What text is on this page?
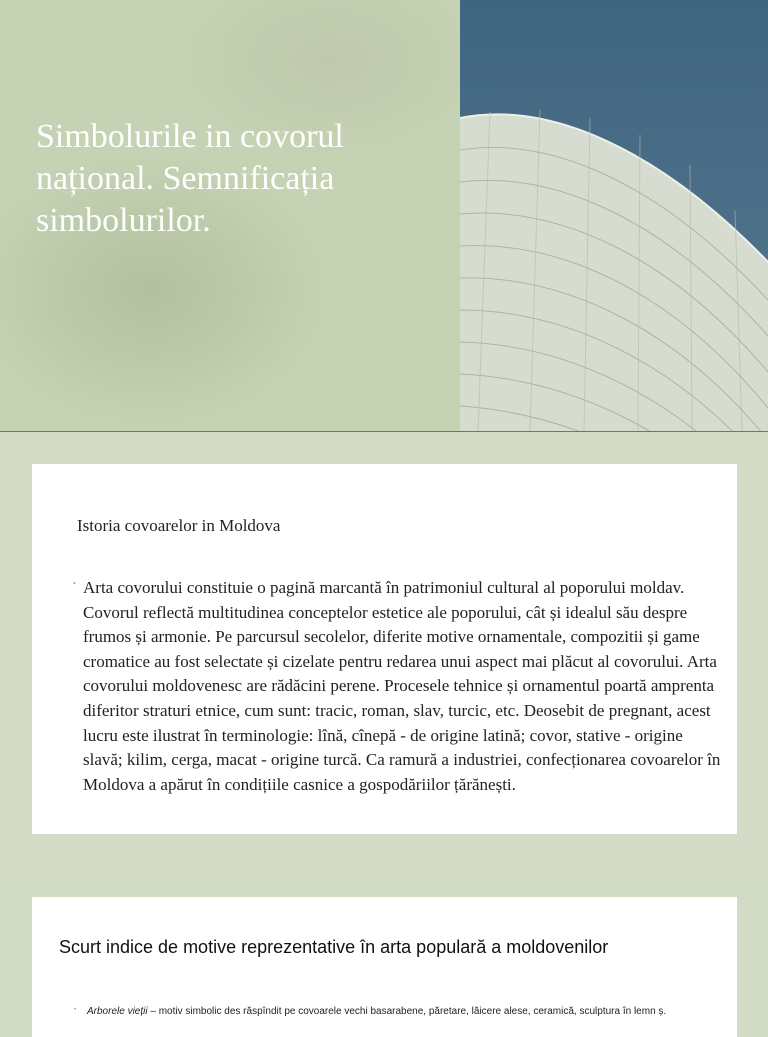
Simbolurile in covorul național. Semnificația simbolurilor.
Istoria covoarelor in Moldova
• Arta covorului constituie o pagină marcantă în patrimoniul cultural al poporului moldav. Covorul reflectă multitudinea conceptelor estetice ale poporului, cât și idealul său despre frumos și armonie. Pe parcursul secolelor, diferite motive ornamentale, compozitii și game cromatice au fost selectate și cizelate pentru redarea unui aspect mai plăcut al covorului. Arta covorului moldovenesc are rădăcini perene. Procesele tehnice și ornamentul poartă amprenta diferitor straturi etnice, cum sunt: tracic, roman, slav, turcic, etc. Deosebit de pregnant, acest lucru este ilustrat în terminologie: lînă, cînepă - de origine latină; covor, stative - origine slavă; kilim, cerga, macat - origine turcă. Ca ramură a industriei, confecționarea covoarelor în Moldova a apărut în condițiile casnice a gospodăriilor țărănești.

Scurt indice de motive reprezentative în arta populară a moldovenilor
• Arborele vieții – motiv simbolic des răspîndit pe covoarele vechi basarabene, păretare, lăicere alese, ceramică, sculptura în lemn ș.
